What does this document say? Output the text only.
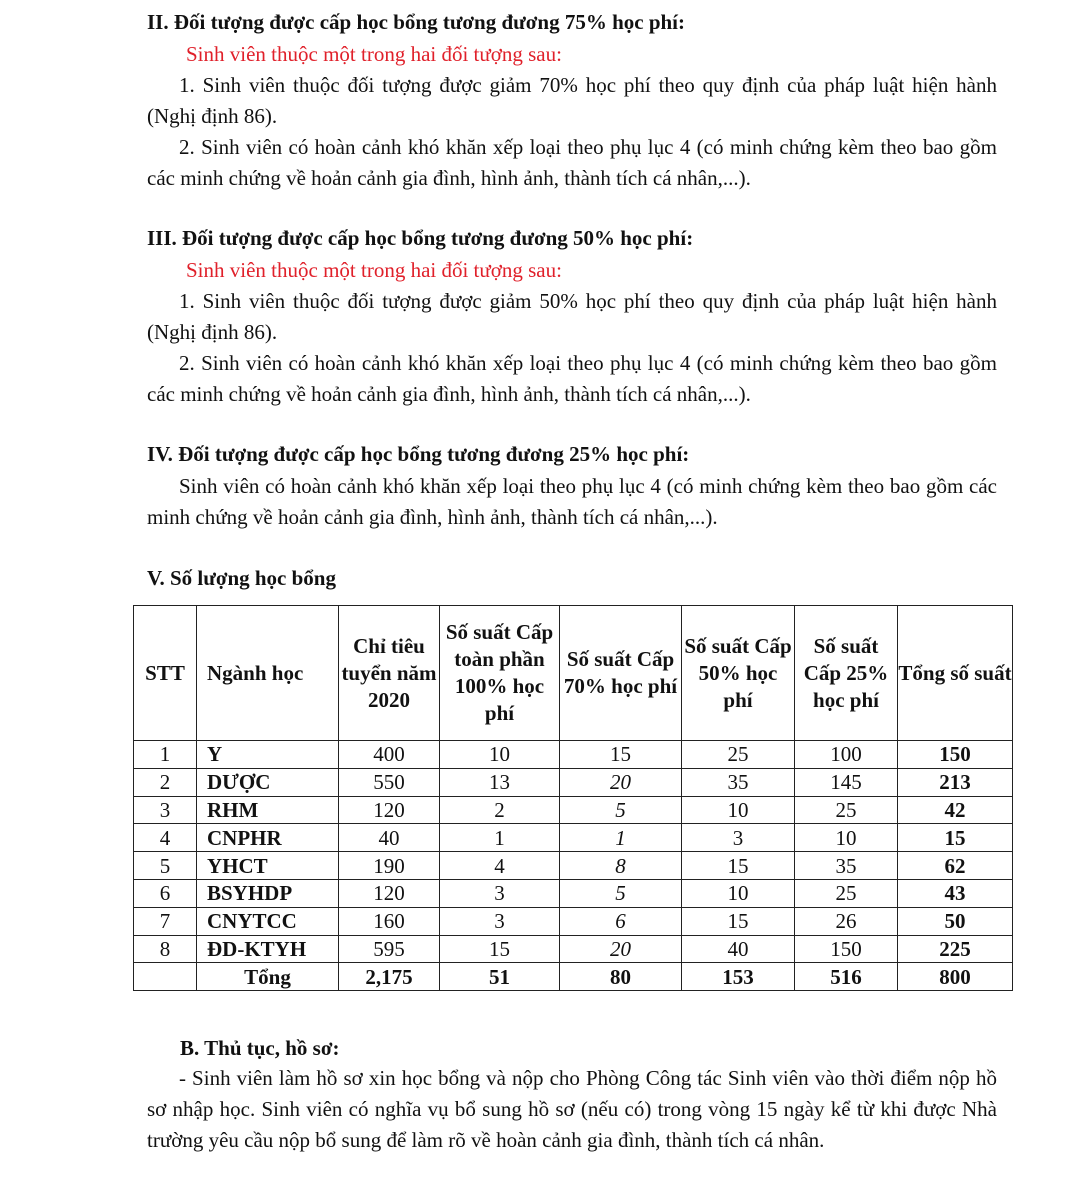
II. Đối tượng được cấp học bổng tương đương 75% học phí:
Sinh viên thuộc một trong hai đối tượng sau:
1. Sinh viên thuộc đối tượng được giảm 70% học phí theo quy định của pháp luật hiện hành (Nghị định 86).
2. Sinh viên có hoàn cảnh khó khăn xếp loại theo phụ lục 4 (có minh chứng kèm theo bao gồm các minh chứng về hoản cảnh gia đình, hình ảnh, thành tích cá nhân,...).
III. Đối tượng được cấp học bổng tương đương 50% học phí:
Sinh viên thuộc một trong hai đối tượng sau:
1. Sinh viên thuộc đối tượng được giảm 50% học phí theo quy định của pháp luật hiện hành (Nghị định 86).
2. Sinh viên có hoàn cảnh khó khăn xếp loại theo phụ lục 4 (có minh chứng kèm theo bao gồm các minh chứng về hoản cảnh gia đình, hình ảnh, thành tích cá nhân,...).
IV. Đối tượng được cấp học bổng tương đương 25% học phí:
Sinh viên có hoàn cảnh khó khăn xếp loại theo phụ lục 4 (có minh chứng kèm theo bao gồm các minh chứng về hoản cảnh gia đình, hình ảnh, thành tích cá nhân,...).
V. Số lượng học bổng
STT	Ngành học	Chỉ tiêu tuyển năm 2020	Số suất Cấp toàn phần 100% học phí	Số suất Cấp 70% học phí	Số suất Cấp 50% học phí	Số suất Cấp 25% học phí	Tổng số suất
1	Y	400	10	15	25	100	150
2	DƯỢC	550	13	20	35	145	213
3	RHM	120	2	5	10	25	42
4	CNPHR	40	1	1	3	10	15
5	YHCT	190	4	8	15	35	62
6	BSYHDP	120	3	5	10	25	43
7	CNYTCC	160	3	6	15	26	50
8	ĐD-KTYH	595	15	20	40	150	225
	Tổng	2,175	51	80	153	516	800
B. Thủ tục, hồ sơ:
- Sinh viên làm hồ sơ xin học bổng và nộp cho Phòng Công tác Sinh viên vào thời điểm nộp hồ sơ nhập học. Sinh viên có nghĩa vụ bổ sung hồ sơ (nếu có) trong vòng 15 ngày kể từ khi được Nhà trường yêu cầu nộp bổ sung để làm rõ về hoàn cảnh gia đình, thành tích cá nhân.
